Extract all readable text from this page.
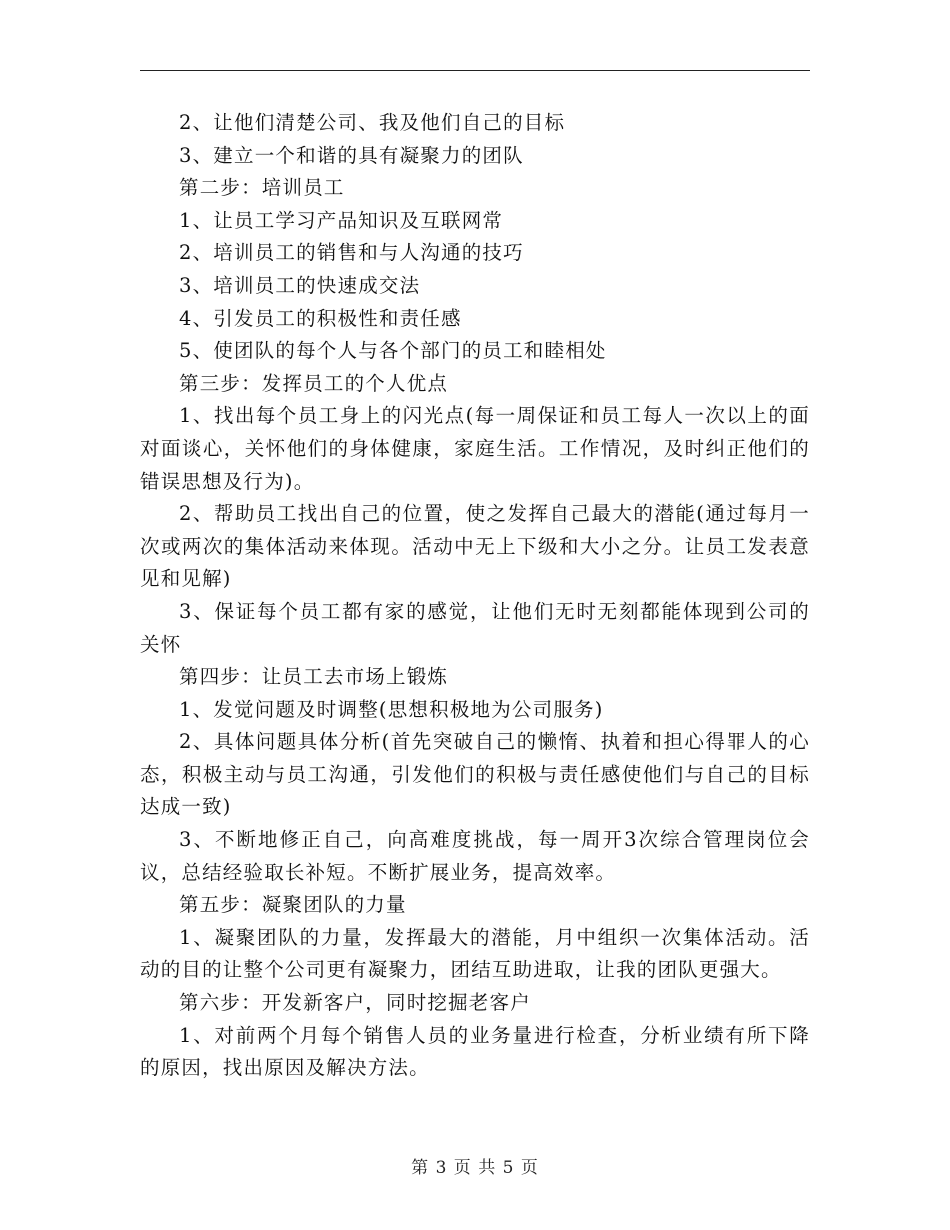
2、让他们清楚公司、我及他们自己的目标

3、建立一个和谐的具有凝聚力的团队

第二步：培训员工

1、让员工学习产品知识及互联网常

2、培训员工的销售和与人沟通的技巧

3、培训员工的快速成交法

4、引发员工的积极性和责任感

5、使团队的每个人与各个部门的员工和睦相处

第三步：发挥员工的个人优点

1、找出每个员工身上的闪光点(每一周保证和员工每人一次以上的面对面谈心，关怀他们的身体健康，家庭生活。工作情况，及时纠正他们的错误思想及行为)。

2、帮助员工找出自己的位置，使之发挥自己最大的潜能(通过每月一次或两次的集体活动来体现。活动中无上下级和大小之分。让员工发表意见和见解)

3、保证每个员工都有家的感觉，让他们无时无刻都能体现到公司的关怀

第四步：让员工去市场上锻炼

1、发觉问题及时调整(思想积极地为公司服务)

2、具体问题具体分析(首先突破自己的懒惰、执着和担心得罪人的心态，积极主动与员工沟通，引发他们的积极与责任感使他们与自己的目标达成一致)

3、不断地修正自己，向高难度挑战，每一周开3次综合管理岗位会议，总结经验取长补短。不断扩展业务，提高效率。

第五步：凝聚团队的力量

1、凝聚团队的力量，发挥最大的潜能，月中组织一次集体活动。活动的目的让整个公司更有凝聚力，团结互助进取，让我的团队更强大。

第六步：开发新客户，同时挖掘老客户

1、对前两个月每个销售人员的业务量进行检查，分析业绩有所下降的原因，找出原因及解决方法。

第 3 页 共 5 页
